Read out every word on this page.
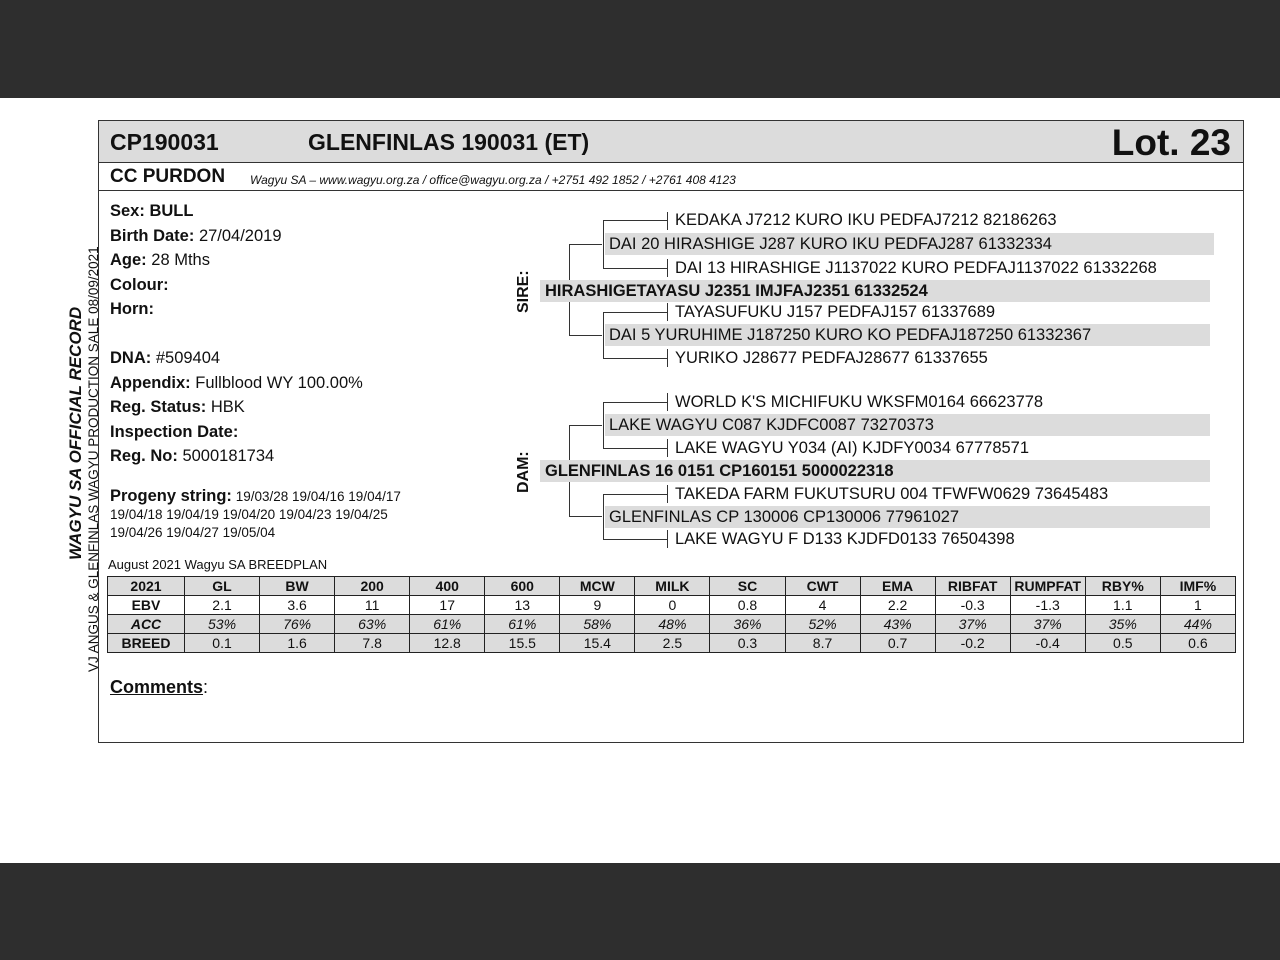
CP190031	GLENFINLAS 190031 (ET)	Lot. 23
CC PURDON Wagyu SA – www.wagyu.org.za / office@wagyu.org.za / +2751 492 1852 / +2761 408 4123
WAGYU SA OFFICIAL RECORD VJ ANGUS & GLENFINLAS WAGYU PRODUCTION SALE 08/09/2021
Sex: BULL
Birth Date: 27/04/2019
Age: 28 Mths
Colour:
Horn:
DNA: #509404
Appendix: Fullblood WY 100.00%
Reg. Status: HBK
Inspection Date:
Reg. No: 5000181734
Progeny string: 19/03/28 19/04/16 19/04/17
19/04/18 19/04/19 19/04/20 19/04/23 19/04/25
19/04/26 19/04/27 19/05/04
SIRE:
DAM:
KEDAKA J7212 KURO IKU PEDFAJ7212 82186263
DAI 20 HIRASHIGE J287 KURO IKU PEDFAJ287 61332334
DAI 13 HIRASHIGE J1137022 KURO PEDFAJ1137022 61332268
HIRASHIGETAYASU J2351 IMJFAJ2351 61332524
TAYASUFUKU J157 PEDFAJ157 61337689
DAI 5 YURUHIME J187250 KURO KO PEDFAJ187250 61332367
YURIKO J28677 PEDFAJ28677 61337655
WORLD K'S MICHIFUKU WKSFM0164 66623778
LAKE WAGYU C087 KJDFC0087 73270373
LAKE WAGYU Y034 (AI) KJDFY0034 67778571
GLENFINLAS 16 0151 CP160151 5000022318
TAKEDA FARM FUKUTSURU 004 TFWFW0629 73645483
GLENFINLAS CP 130006 CP130006 77961027
LAKE WAGYU F D133 KJDFD0133 76504398
August 2021 Wagyu SA BREEDPLAN
2021	GL	BW	200	400	600	MCW	MILK	SC	CWT	EMA	RIBFAT	RUMPFAT	RBY%	IMF%
EBV	2.1	3.6	11	17	13	9	0	0.8	4	2.2	-0.3	-1.3	1.1	1
ACC	53%	76%	63%	61%	61%	58%	48%	36%	52%	43%	37%	37%	35%	44%
BREED	0.1	1.6	7.8	12.8	15.5	15.4	2.5	0.3	8.7	0.7	-0.2	-0.4	0.5	0.6
Comments:
